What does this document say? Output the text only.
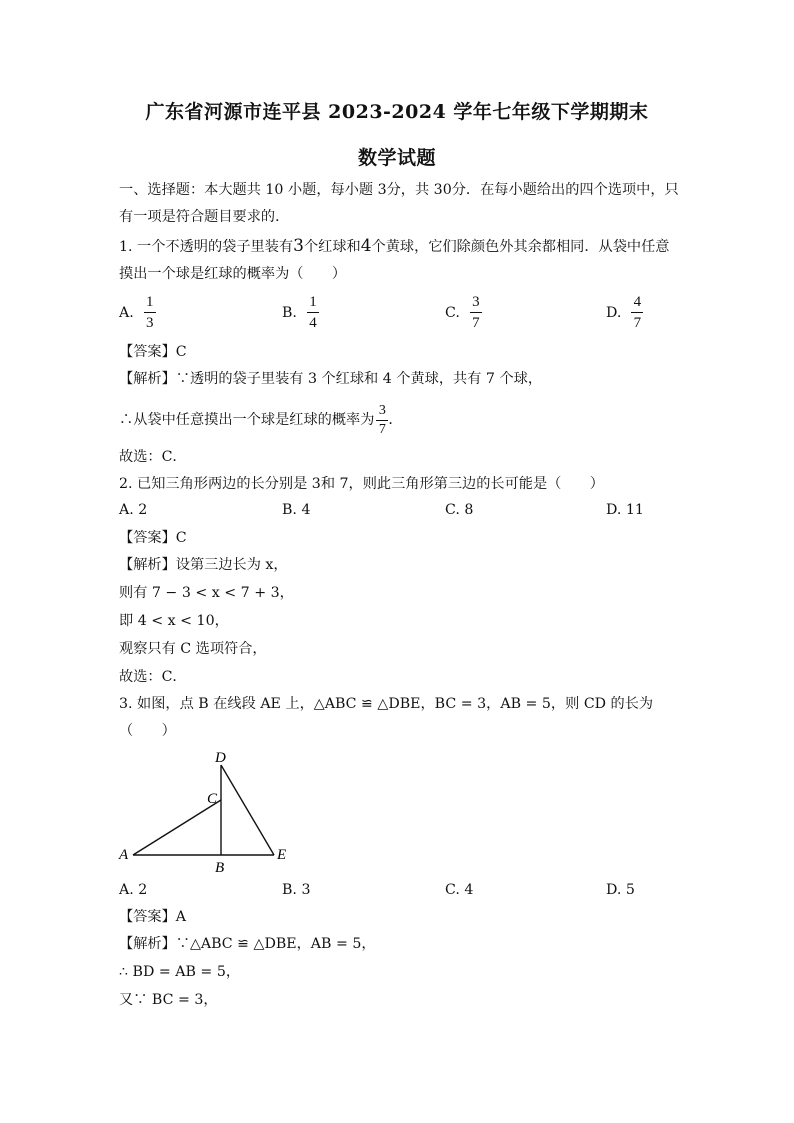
广东省河源市连平县 2023-2024 学年七年级下学期期末
数学试题
一、选择题：本大题共 10 小题，每小题 3分，共 30分．在每小题给出的四个选项中，只
有一项是符合题目要求的．
1. 一个不透明的袋子里装有3个红球和4个黄球，它们除颜色外其余都相同．从袋中任意
摸出一个球是红球的概率为（　　）
A. $\frac{1}{3}$	B. $\frac{1}{4}$	C. $\frac{3}{7}$	D. $\frac{4}{7}$
【答案】C
【解析】∵透明的袋子里装有 3 个红球和 4 个黄球，共有 7 个球，
∴从袋中任意摸出一个球是红球的概率为 $\frac{3}{7}$ ．
故选：C．
2. 已知三角形两边的长分别是 3和 7，则此三角形第三边的长可能是（　　）
A. 2	B. 4	C. 8	D. 11
【答案】C
【解析】设第三边长为 x，
则有 7 − 3 < x < 7 + 3，
即 4 < x < 10，
观察只有 C 选项符合，
故选：C．
3. 如图，点 B 在线段 AE 上，△ABC ≌ △DBE，BC = 3，AB = 5，则 CD 的长为
（　　）
D
C
A
B
E
A. 2	B. 3	C. 4	D. 5
【答案】A
【解析】∵△ABC ≌ △DBE，AB = 5，
∴ BD = AB = 5，
又∵ BC = 3，
